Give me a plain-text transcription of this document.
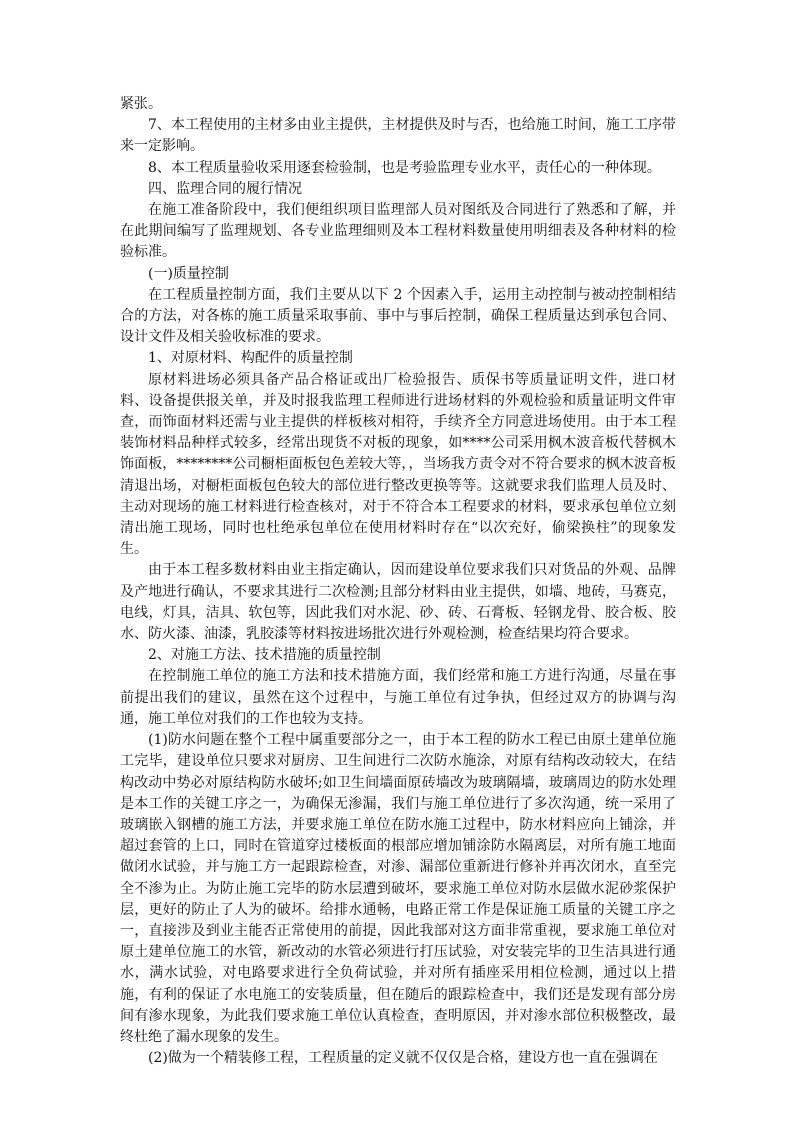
紧张。

7、本工程使用的主材多由业主提供，主材提供及时与否，也给施工时间，施工工序带来一定影响。

8、本工程质量验收采用逐套检验制，也是考验监理专业水平，责任心的一种体现。

四、监理合同的履行情况

在施工准备阶段中，我们便组织项目监理部人员对图纸及合同进行了熟悉和了解，并在此期间编写了监理规划、各专业监理细则及本工程材料数量使用明细表及各种材料的检验标准。

(一)质量控制

在工程质量控制方面，我们主要从以下 2 个因素入手，运用主动控制与被动控制相结合的方法，对各栋的施工质量采取事前、事中与事后控制，确保工程质量达到承包合同、设计文件及相关验收标准的要求。

1、对原材料、构配件的质量控制

原材料进场必须具备产品合格证或出厂检验报告、质保书等质量证明文件，进口材料、设备提供报关单，并及时报我监理工程师进行进场材料的外观检验和质量证明文件审查，而饰面材料还需与业主提供的样板核对相符，手续齐全方同意进场使用。由于本工程装饰材料品种样式较多，经常出现货不对板的现象，如****公司采用枫木波音板代替枫木饰面板，********公司橱柜面板包色差较大等，，当场我方责令对不符合要求的枫木波音板清退出场，对橱柜面板包色较大的部位进行整改更换等等。这就要求我们监理人员及时、主动对现场的施工材料进行检查核对，对于不符合本工程要求的材料，要求承包单位立刻清出施工现场，同时也杜绝承包单位在使用材料时存在“以次充好，偷梁换柱”的现象发生。

由于本工程多数材料由业主指定确认，因而建设单位要求我们只对货品的外观、品牌及产地进行确认，不要求其进行二次检测;且部分材料由业主提供，如墙、地砖，马赛克，电线，灯具，洁具、软包等，因此我们对水泥、砂、砖、石膏板、轻钢龙骨、胶合板、胶水、防火漆、油漆，乳胶漆等材料按进场批次进行外观检测，检查结果均符合要求。

2、对施工方法、技术措施的质量控制

在控制施工单位的施工方法和技术措施方面，我们经常和施工方进行沟通，尽量在事前提出我们的建议，虽然在这个过程中，与施工单位有过争执，但经过双方的协调与沟通，施工单位对我们的工作也较为支持。

(1)防水问题在整个工程中属重要部分之一，由于本工程的防水工程已由原土建单位施工完毕，建设单位只要求对厨房、卫生间进行二次防水施涂，对原有结构改动较大，在结构改动中势必对原结构防水破坏;如卫生间墙面原砖墙改为玻璃隔墙，玻璃周边的防水处理是本工作的关键工序之一，为确保无渗漏，我们与施工单位进行了多次沟通，统一采用了玻璃嵌入钢槽的施工方法，并要求施工单位在防水施工过程中，防水材料应向上铺涂，并超过套管的上口，同时在管道穿过楼板面的根部应增加铺涂防水隔离层，对所有施工地面做闭水试验，并与施工方一起跟踪检查，对渗、漏部位重新进行修补并再次闭水，直至完全不渗为止。为防止施工完毕的防水层遭到破坏，要求施工单位对防水层做水泥砂浆保护层，更好的防止了人为的破坏。给排水通畅，电路正常工作是保证施工质量的关键工序之一，直接涉及到业主能否正常使用的前提，因此我部对这方面非常重视，要求施工单位对原土建单位施工的水管，新改动的水管必须进行打压试验，对安装完毕的卫生洁具进行通水，满水试验，对电路要求进行全负荷试验，并对所有插座采用相位检测，通过以上措施，有利的保证了水电施工的安装质量，但在随后的跟踪检查中，我们还是发现有部分房间有渗水现象，为此我们要求施工单位认真检查，查明原因，并对渗水部位积极整改，最终杜绝了漏水现象的发生。

(2)做为一个精装修工程，工程质量的定义就不仅仅是合格，建设方也一直在强调在
